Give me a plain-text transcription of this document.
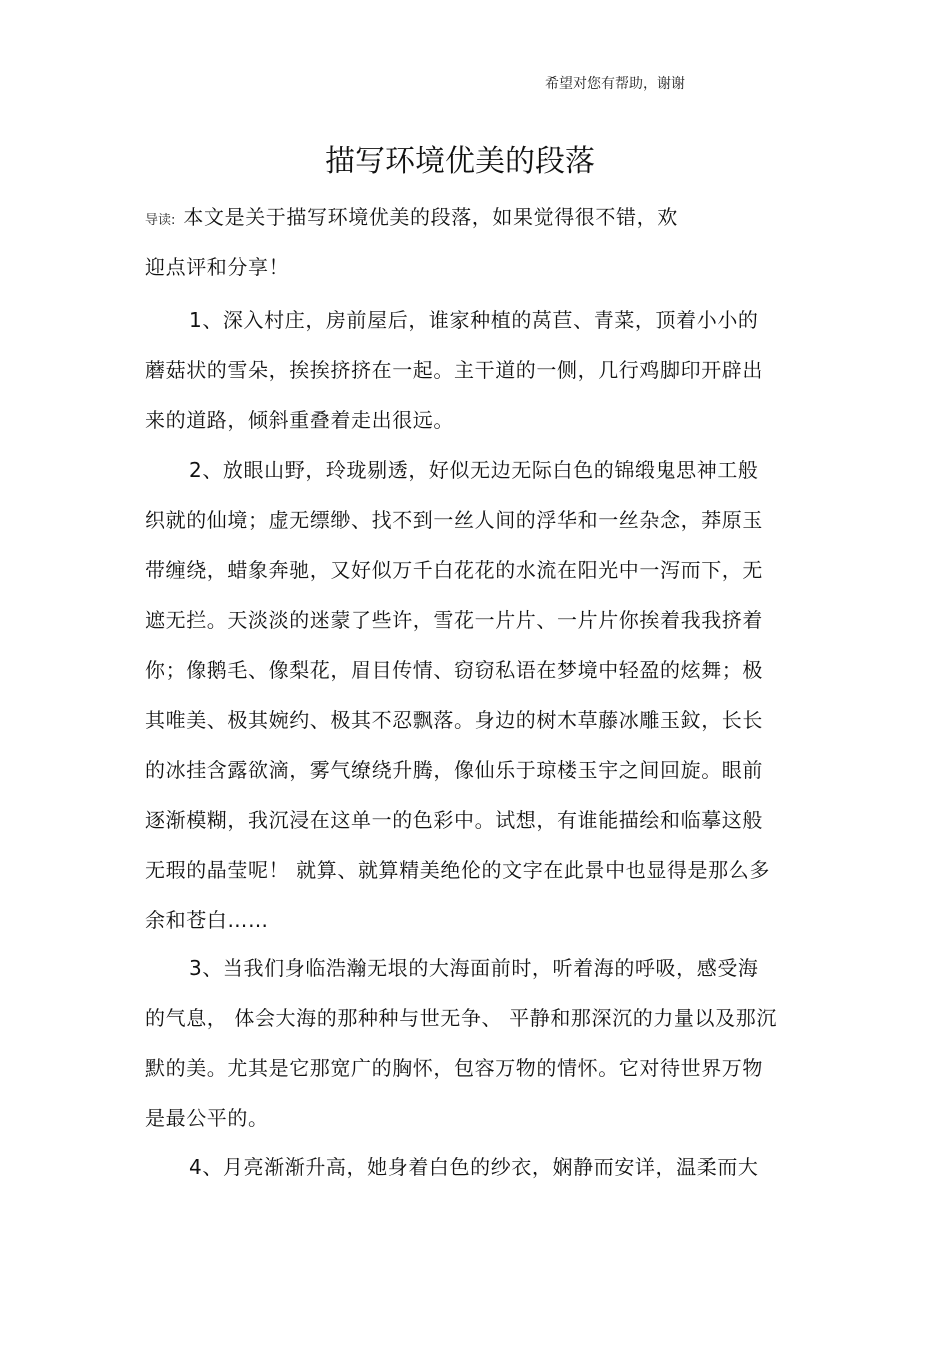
希望对您有帮助，谢谢
描写环境优美的段落
导读: 本文是关于描写环境优美的段落，如果觉得很不错，欢
迎点评和分享！
1、深入村庄，房前屋后，谁家种植的莴苣、青菜，顶着小小的
蘑菇状的雪朵，挨挨挤挤在一起。主干道的一侧，几行鸡脚印开辟出
来的道路，倾斜重叠着走出很远。
2、放眼山野，玲珑剔透，好似无边无际白色的锦缎鬼思神工般
织就的仙境；虚无缥缈、找不到一丝人间的浮华和一丝杂念，莽原玉
带缠绕，蜡象奔驰，又好似万千白花花的水流在阳光中一泻而下，无
遮无拦。天淡淡的迷蒙了些许，雪花一片片、一片片你挨着我我挤着
你；像鹅毛、像梨花，眉目传情、窃窃私语在梦境中轻盈的炫舞；极
其唯美、极其婉约、极其不忍飘落。身边的树木草藤冰雕玉鈫，长长
的冰挂含露欲滴，雾气缭绕升腾，像仙乐于琼楼玉宇之间回旋。眼前
逐渐模糊，我沉浸在这单一的色彩中。试想，有谁能描绘和临摹这般
无瑕的晶莹呢！ 就算、就算精美绝伦的文字在此景中也显得是那么多
余和苍白……
3、当我们身临浩瀚无垠的大海面前时，听着海的呼吸，感受海
的气息， 体会大海的那种种与世无争、 平静和那深沉的力量以及那沉
默的美。尤其是它那宽广的胸怀，包容万物的情怀。它对待世界万物
是最公平的。
4、月亮渐渐升高，她身着白色的纱衣，娴静而安详，温柔而大
